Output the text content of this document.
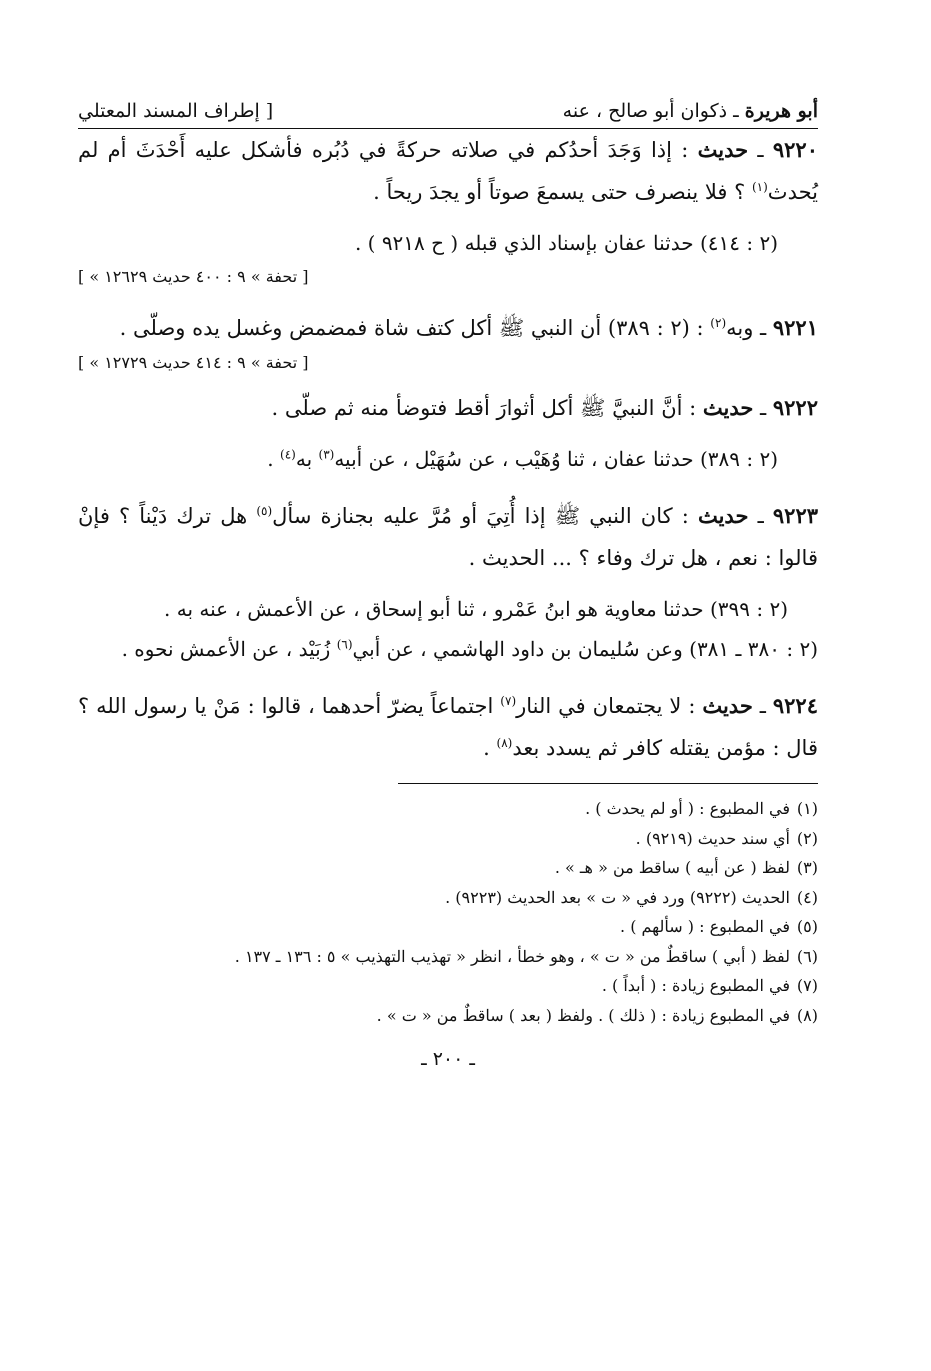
أبو هريرة ـ ذكوان أبو صالح ، عنه
[ إطراف المسند المعتلي

٩٢٢٠ ـ حديث : إذا وَجَدَ أحدُكم في صلاته حركةً في دُبُره فأشكل عليه أَحْدَثَ أم لم يُحدث$^{(١)}$ ؟ فلا ينصرف حتى يسمعَ صوتاً أو يجدَ ريحاً .

(٢ : ٤١٤) حدثنا عفان بإسناد الذي قبله ( ح ٩٢١٨ ) .

[ « تحفة » ٩ : ٤٠٠ حديث ١٢٦٢٩ ]

٩٢٢١ ـ وبه$^{(٢)}$ : (٢ : ٣٨٩) أن النبي ﷺ أكل كتف شاة فمضمض وغسل يده وصلّى .

[ « تحفة » ٩ : ٤١٤ حديث ١٢٧٢٩ ]

٩٢٢٢ ـ حديث : أنَّ النبيَّ ﷺ أكل أثوارَ أقط فتوضأ منه ثم صلّى .

(٢ : ٣٨٩) حدثنا عفان ، ثنا وُهَيْب ، عن سُهَيْل ، عن أبيه$^{(٣)}$ به$^{(٤)}$ .

٩٢٢٣ ـ حديث : كان النبي ﷺ إذا أُتِيَ أو مُرَّ عليه بجنازة سأل$^{(٥)}$ هل ترك دَيْناً ؟ فإنْ قالوا : نعم ، هل ترك وفاء ؟ ... الحديث .

(٢ : ٣٩٩) حدثنا معاوية هو ابنُ عَمْرو ، ثنا أبو إسحاق ، عن الأعمش ، عنه به .

(٢ : ٣٨٠ ـ ٣٨١) وعن سُليمان بن داود الهاشمي ، عن أبي$^{(٦)}$ زُبَيْد ، عن الأعمش نحوه .

٩٢٢٤ ـ حديث : لا يجتمعان في النار$^{(٧)}$ اجتماعاً يضرّ أحدهما ، قالوا : مَنْ يا رسول الله ؟ قال : مؤمن يقتله كافر ثم يسدد بعد$^{(٨)}$ .

(١)في المطبوع : ( أو لم يحدث ) .

(٢)أي سند حديث (٩٢١٩) .

(٣)لفظ ( عن أبيه ) ساقط من « هـ » .

(٤)الحديث (٩٢٢٢) ورد في « ت » بعد الحديث (٩٢٢٣) .

(٥)في المطبوع : ( سألهم ) .

(٦)لفظ ( أبي ) ساقطٌ من « ت » ، وهو خطأ ، انظر « تهذيب التهذيب » ٥ : ١٣٦ ـ ١٣٧ .

(٧)في المطبوع زيادة : ( أبداً ) .

(٨)في المطبوع زيادة : ( ذلك ) . ولفظ ( بعد ) ساقطٌ من « ت » .

ـ ٢٠٠ ـ
